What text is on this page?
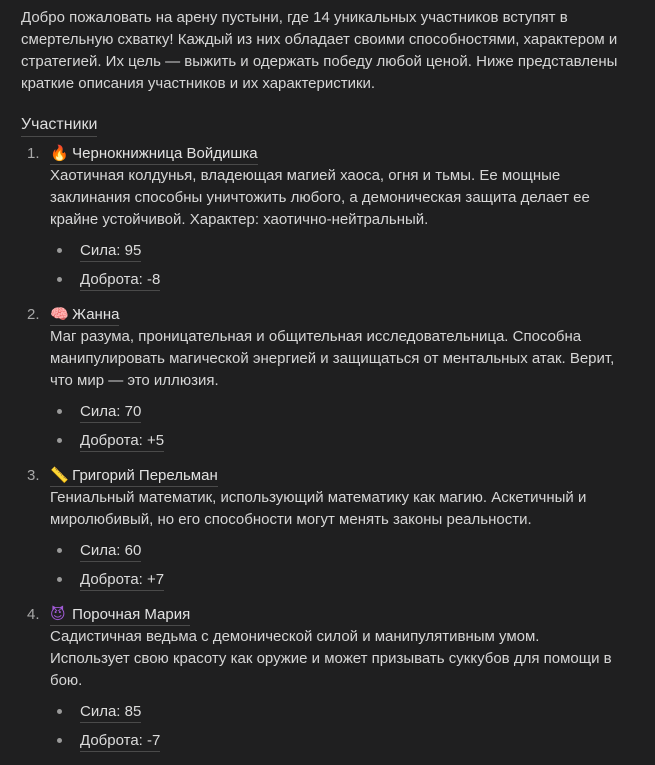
Добро пожаловать на арену пустыни, где 14 уникальных участников вступят в смертельную схватку! Каждый из них обладает своими способностями, характером и стратегией. Их цель — выжить и одержать победу любой ценой. Ниже представлены краткие описания участников и их характеристики.

Участники
1. 🔥 Чернокнижница Войдишка
Хаотичная колдунья, владеющая магией хаоса, огня и тьмы. Ее мощные заклинания способны уничтожить любого, а демоническая защита делает ее крайне устойчивой. Характер: хаотично-нейтральный.
Сила: 95
Доброта: -8
2. 🧠 Жанна
Маг разума, проницательная и общительная исследовательница. Способна манипулировать магической энергией и защищаться от ментальных атак. Верит, что мир — это иллюзия.
Сила: 70
Доброта: +5
3. 📏 Григорий Перельман
Гениальный математик, использующий математику как магию. Аскетичный и миролюбивый, но его способности могут менять законы реальности.
Сила: 60
Доброта: +7
4. 😈 Порочная Мария
Садистичная ведьма с демонической силой и манипулятивным умом. Использует свою красоту как оружие и может призывать суккубов для помощи в бою.
Сила: 85
Доброта: -7
